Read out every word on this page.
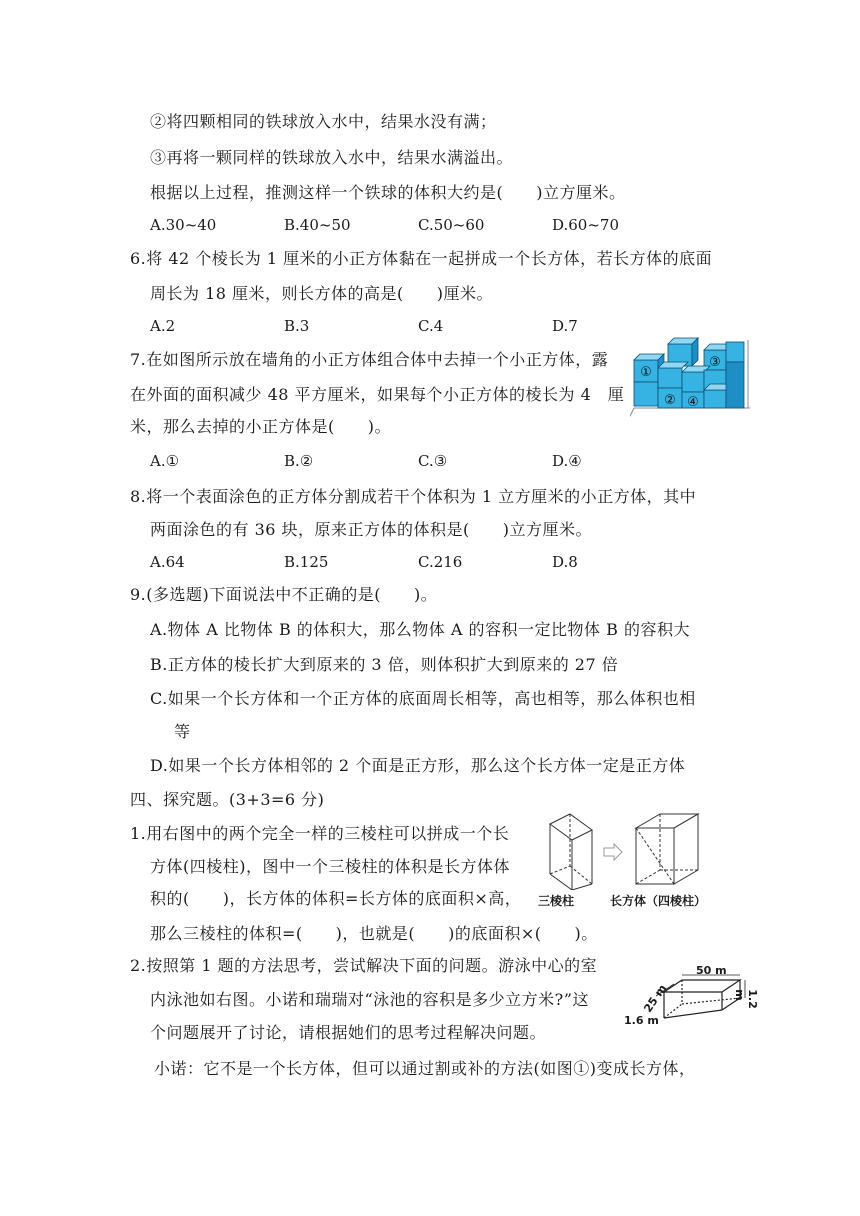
②将四颗相同的铁球放入水中，结果水没有满；
③再将一颗同样的铁球放入水中，结果水满溢出。
根据以上过程，推测这样一个铁球的体积大约是(　　)立方厘米。
A.30~40	B.40~50	C.50~60	D.60~70
6.将 42 个棱长为 1 厘米的小正方体黏在一起拼成一个长方体，若长方体的底面
周长为 18 厘米，则长方体的高是(　　)厘米。
A.2	B.3	C.4	D.7
7.在如图所示放在墙角的小正方体组合体中去掉一个小正方体，露
在外面的面积减少 48 平方厘米，如果每个小正方体的棱长为 4　厘
米，那么去掉的小正方体是(　　)。
A.①	B.②	C.③	D.④
①
②
③
④
8.将一个表面涂色的正方体分割成若干个体积为 1 立方厘米的小正方体，其中
两面涂色的有 36 块，原来正方体的体积是(　　)立方厘米。
A.64	B.125	C.216	D.8
9.(多选题)下面说法中不正确的是(　　)。
A.物体 A 比物体 B 的体积大，那么物体 A 的容积一定比物体 B 的容积大
B.正方体的棱长扩大到原来的 3 倍，则体积扩大到原来的 27 倍
C.如果一个长方体和一个正方体的底面周长相等，高也相等，那么体积也相
等
D.如果一个长方体相邻的 2 个面是正方形，那么这个长方体一定是正方体
四、探究题。(3+3=6 分)
1.用右图中的两个完全一样的三棱柱可以拼成一个长
方体(四棱柱)，图中一个三棱柱的体积是长方体体
积的(　　)，长方体的体积=长方体的底面积×高，
那么三棱柱的体积=(　　)，也就是(　　)的底面积×(　　)。
三棱柱	长方体（四棱柱）
2.按照第 1 题的方法思考，尝试解决下面的问题。游泳中心的室
内泳池如右图。小诺和瑞瑞对“泳池的容积是多少立方米?”这
个问题展开了讨论，请根据她们的思考过程解决问题。
小诺：它不是一个长方体，但可以通过割或补的方法(如图①)变成长方体，
50 m
25 m
1.6 m
1.2 m
